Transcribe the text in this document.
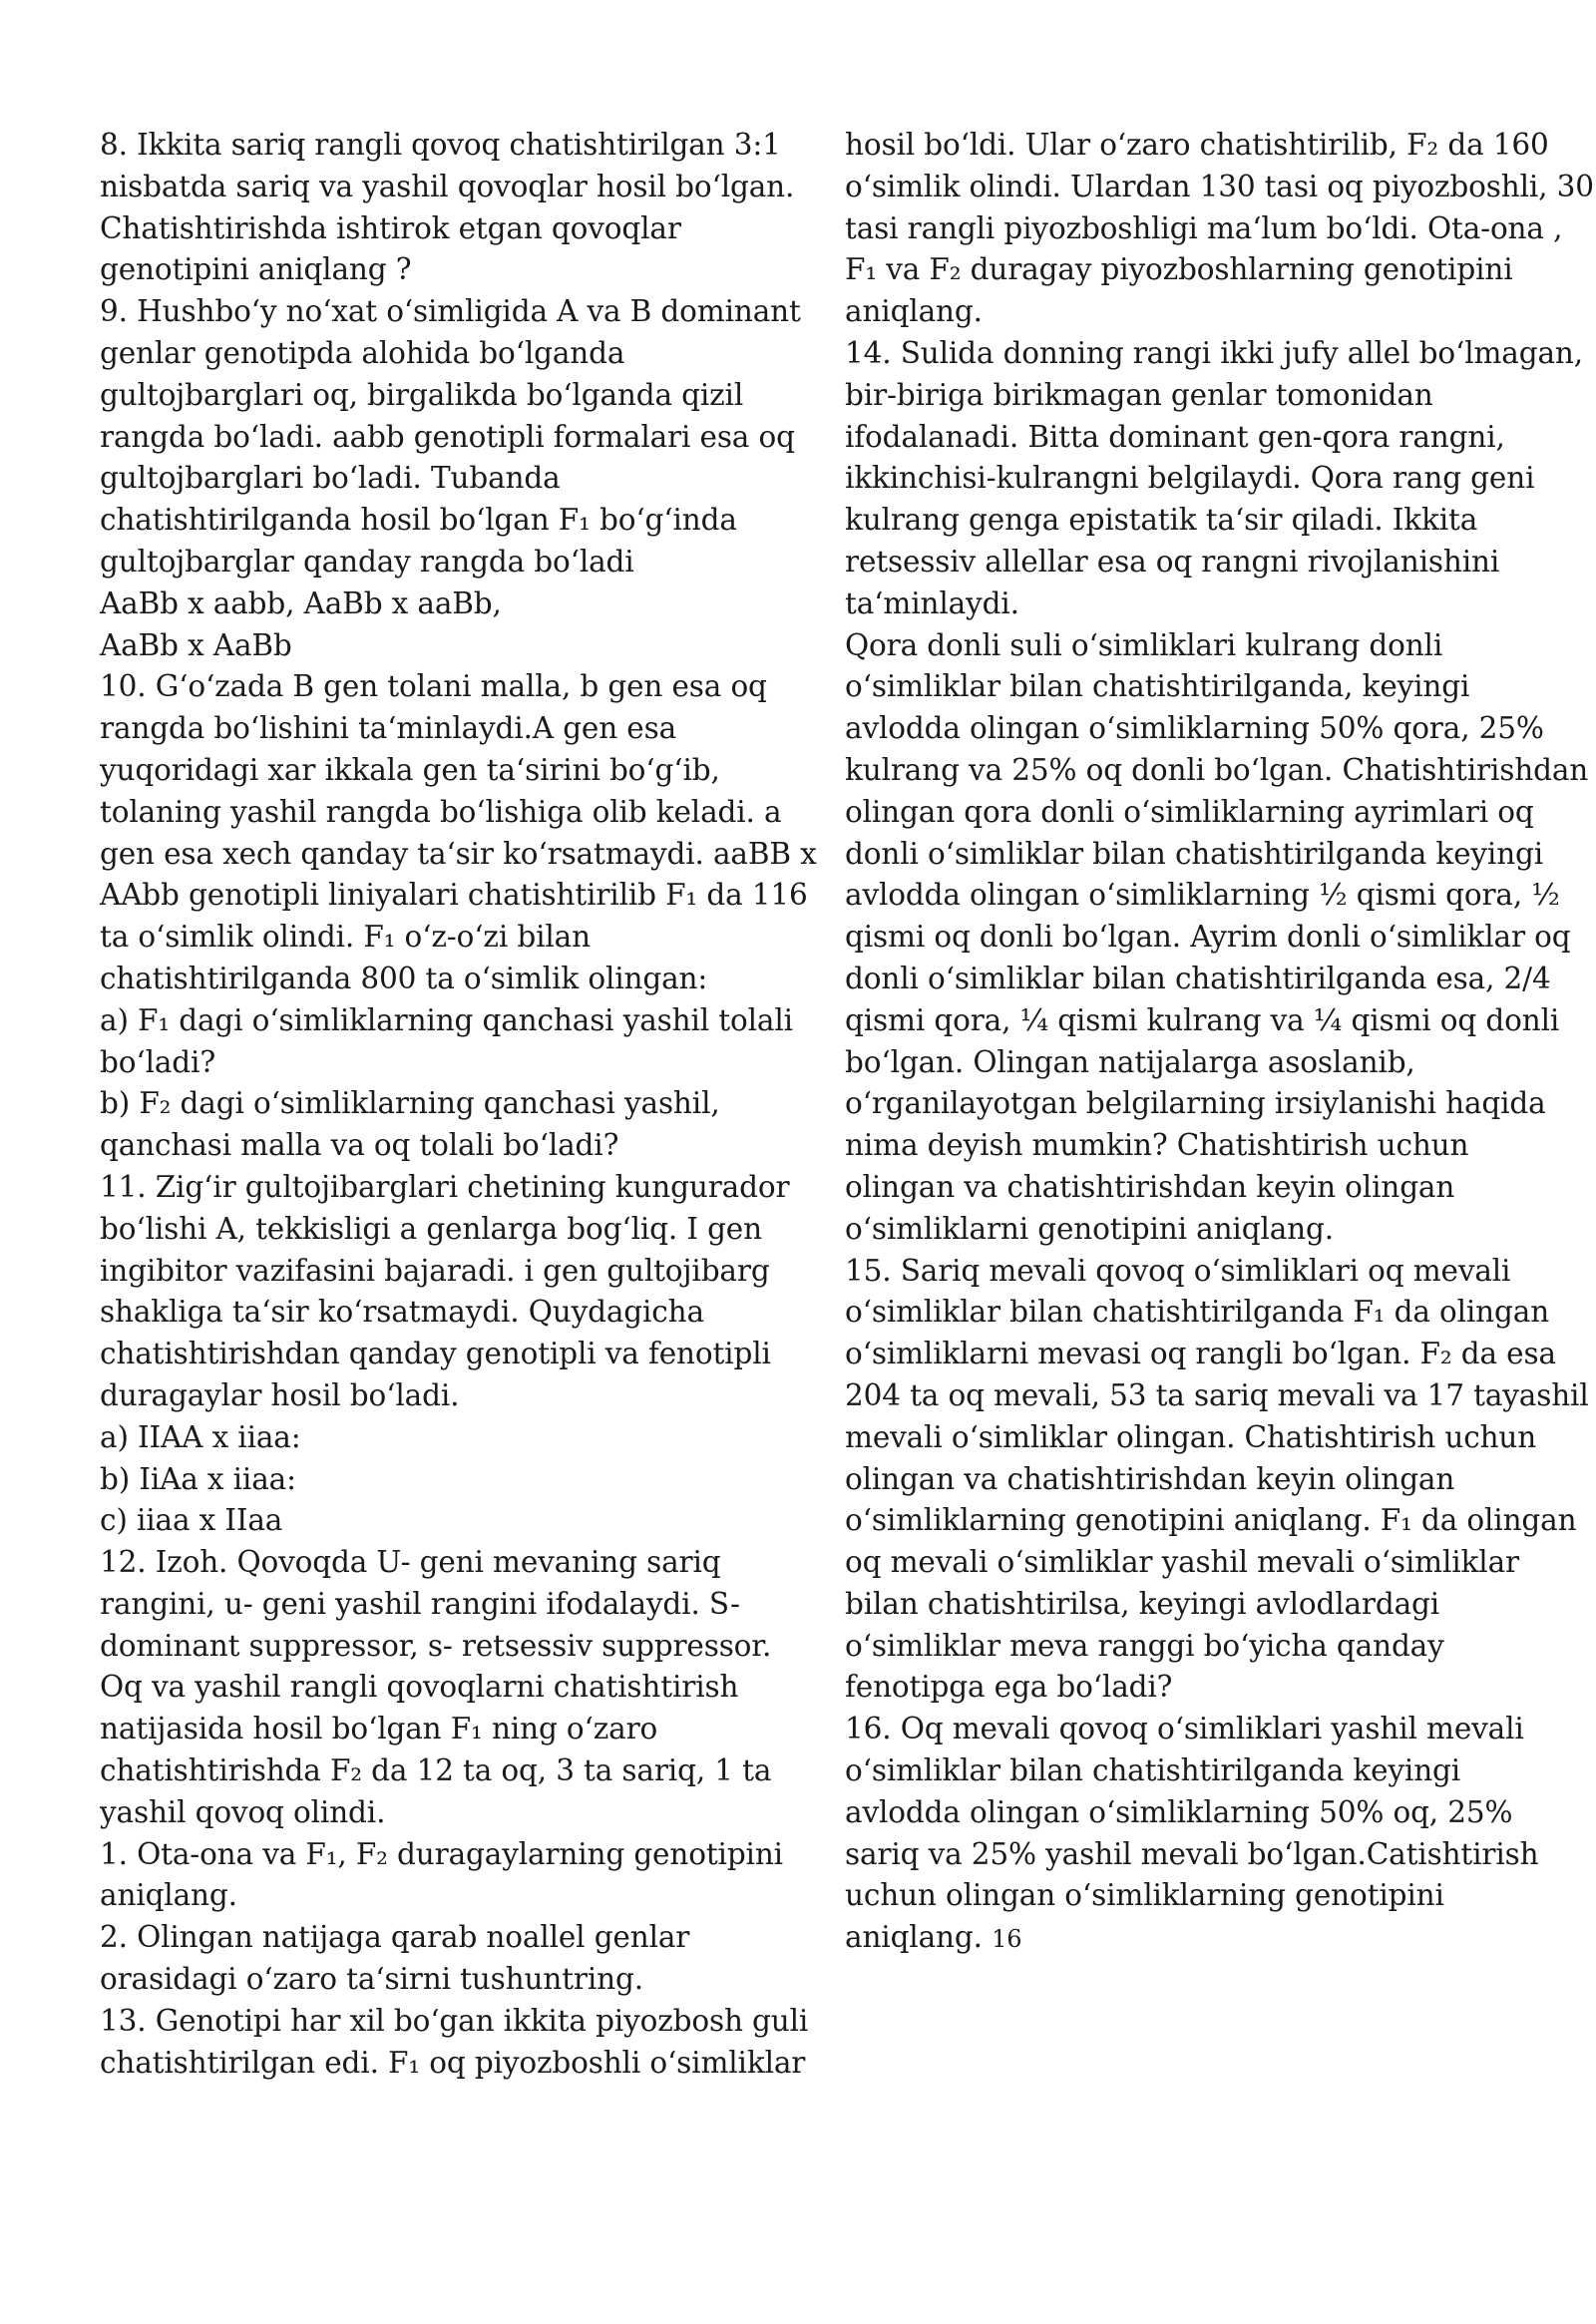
8. Ikkita sariq rangli qovoq chatishtirilgan 3:1
nisbatda sariq va yashil qovoqlar hosil bo‘lgan.
Chatishtirishda ishtirok etgan qovoqlar
genotipini aniqlang ?
9. Hushbo‘y no‘xat o‘simligida A va B dominant
genlar genotipda alohida bo‘lganda
gultojbarglari oq, birgalikda bo‘lganda qizil
rangda bo‘ladi. aabb genotipli formalari esa oq
gultojbarglari bo‘ladi. Tubanda
chatishtirilganda hosil bo‘lgan F₁ bo‘g‘inda
gultojbarglar qanday rangda bo‘ladi
AaBb x aabb, AaBb x aaBb,
AaBb x AaBb
10. G‘o‘zada B gen tolani malla, b gen esa oq
rangda bo‘lishini ta‘minlaydi.A gen esa
yuqoridagi xar ikkala gen ta‘sirini bo‘g‘ib,
tolaning yashil rangda bo‘lishiga olib keladi. a
gen esa xech qanday ta‘sir ko‘rsatmaydi. aaBB x
AAbb genotipli liniyalari chatishtirilib F₁ da 116
ta o‘simlik olindi. F₁ o‘z-o‘zi bilan
chatishtirilganda 800 ta o‘simlik olingan:
a) F₁ dagi o‘simliklarning qanchasi yashil tolali
bo‘ladi?
b) F₂ dagi o‘simliklarning qanchasi yashil,
qanchasi malla va oq tolali bo‘ladi?
11. Zig‘ir gultojibarglari chetining kungurador
bo‘lishi A, tekkisligi a genlarga bog‘liq. I gen
ingibitor vazifasini bajaradi. i gen gultojibarg
shakliga ta‘sir ko‘rsatmaydi. Quydagicha
chatishtirishdan qanday genotipli va fenotipli
duragaylar hosil bo‘ladi.
a) IIAA x iiaa:
b) IiAa x iiaa:
c) iiaa x IIaa
12. Izoh. Qovoqda U- geni mevaning sariq
rangini, u- geni yashil rangini ifodalaydi. S-
dominant suppressor, s- retsessiv suppressor.
Oq va yashil rangli qovoqlarni chatishtirish
natijasida hosil bo‘lgan F₁ ning o‘zaro
chatishtirishda F₂ da 12 ta oq, 3 ta sariq, 1 ta
yashil qovoq olindi.
1. Ota-ona va F₁, F₂ duragaylarning genotipini
aniqlang.
2. Olingan natijaga qarab noallel genlar
orasidagi o‘zaro ta‘sirni tushuntring.
13. Genotipi har xil bo‘gan ikkita piyozbosh guli
chatishtirilgan edi. F₁ oq piyozboshli o‘simliklar
hosil bo‘ldi. Ular o‘zaro chatishtirilib, F₂ da 160
o‘simlik olindi. Ulardan 130 tasi oq piyozboshli, 30
tasi rangli piyozboshligi ma‘lum bo‘ldi. Ota-ona ,
F₁ va F₂ duragay piyozboshlarning genotipini
aniqlang.
14. Sulida donning rangi ikki jufy allel bo‘lmagan,
bir-biriga birikmagan genlar tomonidan
ifodalanadi. Bitta dominant gen-qora rangni,
ikkinchisi-kulrangni belgilaydi. Qora rang geni
kulrang genga epistatik ta‘sir qiladi. Ikkita
retsessiv allellar esa oq rangni rivojlanishini
ta‘minlaydi.
Qora donli suli o‘simliklari kulrang donli
o‘simliklar bilan chatishtirilganda, keyingi
avlodda olingan o‘simliklarning 50% qora, 25%
kulrang va 25% oq donli bo‘lgan. Chatishtirishdan
olingan qora donli o‘simliklarning ayrimlari oq
donli o‘simliklar bilan chatishtirilganda keyingi
avlodda olingan o‘simliklarning ½ qismi qora, ½
qismi oq donli bo‘lgan. Ayrim donli o‘simliklar oq
donli o‘simliklar bilan chatishtirilganda esa, 2/4
qismi qora, ¼ qismi kulrang va ¼ qismi oq donli
bo‘lgan. Olingan natijalarga asoslanib,
o‘rganilayotgan belgilarning irsiylanishi haqida
nima deyish mumkin? Chatishtirish uchun
olingan va chatishtirishdan keyin olingan
o‘simliklarni genotipini aniqlang.
15. Sariq mevali qovoq o‘simliklari oq mevali
o‘simliklar bilan chatishtirilganda F₁ da olingan
o‘simliklarni mevasi oq rangli bo‘lgan. F₂ da esa
204 ta oq mevali, 53 ta sariq mevali va 17 tayashil
mevali o‘simliklar olingan. Chatishtirish uchun
olingan va chatishtirishdan keyin olingan
o‘simliklarning genotipini aniqlang. F₁ da olingan
oq mevali o‘simliklar yashil mevali o‘simliklar
bilan chatishtirilsa, keyingi avlodlardagi
o‘simliklar meva ranggi bo‘yicha qanday
fenotipga ega bo‘ladi?
16. Oq mevali qovoq o‘simliklari yashil mevali
o‘simliklar bilan chatishtirilganda keyingi
avlodda olingan o‘simliklarning 50% oq, 25%
sariq va 25% yashil mevali bo‘lgan.Catishtirish
uchun olingan o‘simliklarning genotipini
aniqlang. 16
